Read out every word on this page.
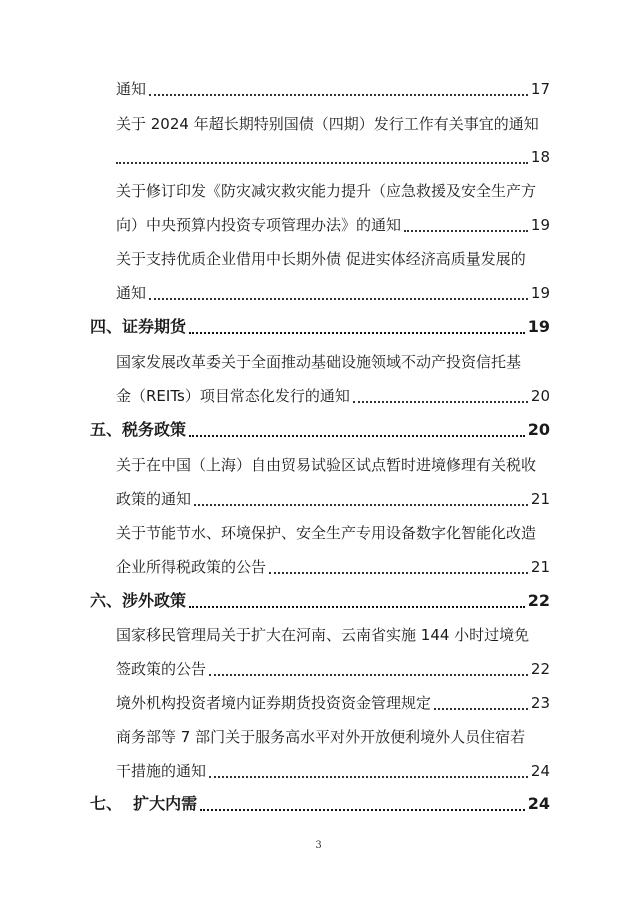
通知	17
关于 2024 年超长期特别国债（四期）发行工作有关事宜的通知
18
关于修订印发《防灾减灾救灾能力提升（应急救援及安全生产方
向）中央预算内投资专项管理办法》的通知	19
关于支持优质企业借用中长期外债 促进实体经济高质量发展的
通知	19
四、证券期货	19
国家发展改革委关于全面推动基础设施领域不动产投资信托基
金（REITs）项目常态化发行的通知	20
五、税务政策	20
关于在中国（上海）自由贸易试验区试点暂时进境修理有关税收
政策的通知	21
关于节能节水、环境保护、安全生产专用设备数字化智能化改造
企业所得税政策的公告	21
六、涉外政策	22
国家移民管理局关于扩大在河南、云南省实施 144 小时过境免
签政策的公告	22
境外机构投资者境内证券期货投资资金管理规定	23
商务部等 7 部门关于服务高水平对外开放便利境外人员住宿若
干措施的通知	24
七、  扩大内需	24
3
